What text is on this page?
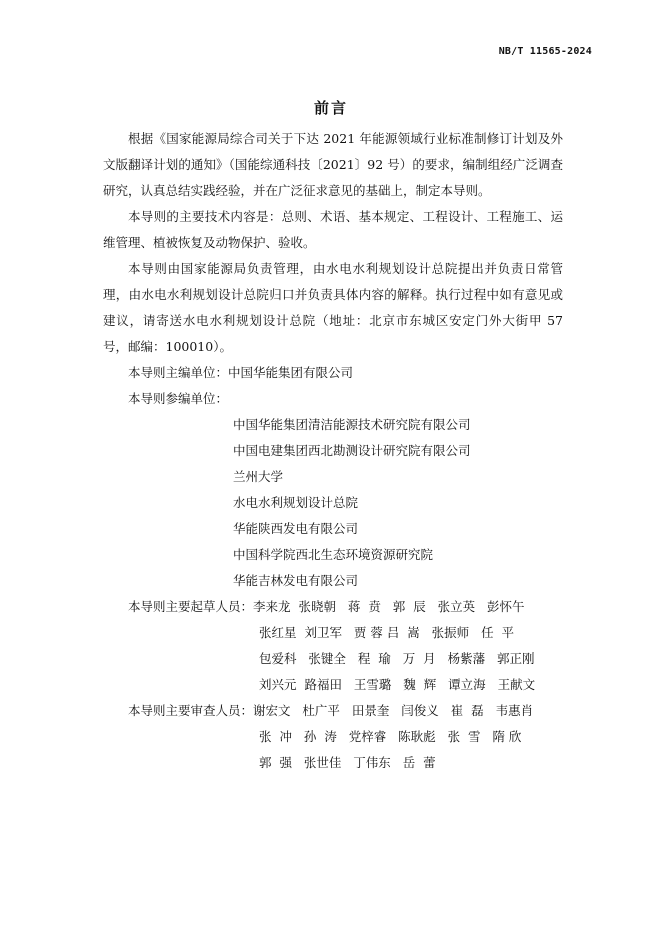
NB/T 11565-2024
前言

根据《国家能源局综合司关于下达 2021 年能源领域行业标准制修订计划及外文版翻译计划的通知》（国能综通科技〔2021〕92 号）的要求，编制组经广泛调查研究，认真总结实践经验，并在广泛征求意见的基础上，制定本导则。

本导则的主要技术内容是：总则、术语、基本规定、工程设计、工程施工、运维管理、植被恢复及动物保护、验收。

本导则由国家能源局负责管理，由水电水利规划设计总院提出并负责日常管理，由水电水利规划设计总院归口并负责具体内容的解释。执行过程中如有意见或建议，请寄送水电水利规划设计总院（地址：北京市东城区安定门外大街甲 57 号，邮编：100010）。

本导则主编单位：中国华能集团有限公司
本导则参编单位：
中国华能集团清洁能源技术研究院有限公司
中国电建集团西北勘测设计研究院有限公司
兰州大学
水电水利规划设计总院
华能陕西发电有限公司
中国科学院西北生态环境资源研究院
华能吉林发电有限公司
本导则主要起草人员：李来龙  张晓朝   蒋  贲   郭  辰   张立英   彭怀午
张红星  刘卫军   贾 蓉 吕  嵩   张振师   任  平
包爱科   张键全   程  瑜   万  月   杨紫藩   郭正刚
刘兴元  路福田   王雪璐   魏  辉   谭立海   王献文
本导则主要审查人员：谢宏文   杜广平   田景奎   闫俊义   崔  磊   韦惠肖
张  冲   孙  涛   党梓睿   陈耿彪   张  雪   隋 欣
郭  强   张世佳   丁伟东   岳  蕾
